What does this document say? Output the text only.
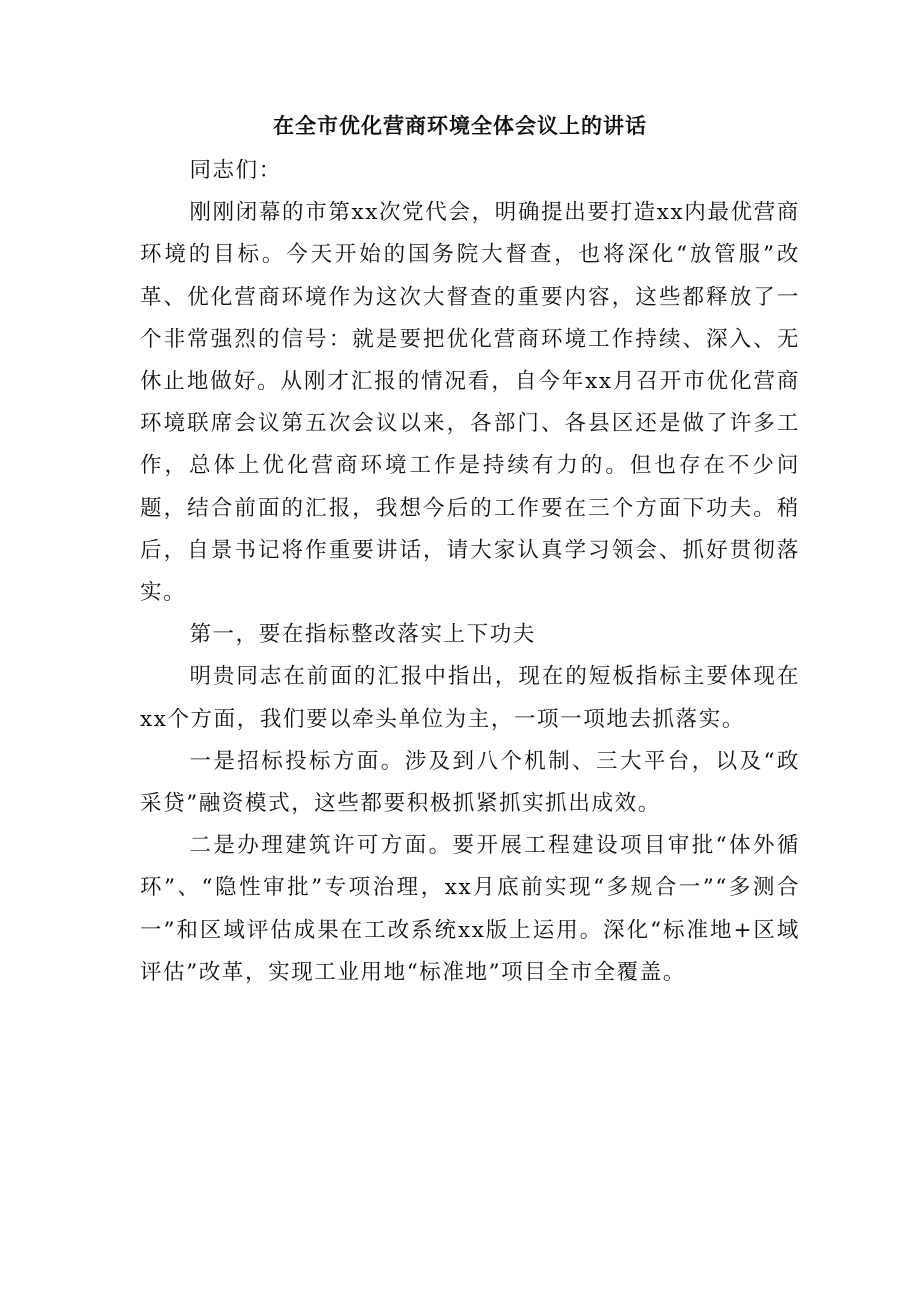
在全市优化营商环境全体会议上的讲话

同志们：

刚刚闭幕的市第xx次党代会，明确提出要打造xx内最优营商环境的目标。今天开始的国务院大督查，也将深化“放管服”改革、优化营商环境作为这次大督查的重要内容，这些都释放了一个非常强烈的信号：就是要把优化营商环境工作持续、深入、无休止地做好。从刚才汇报的情况看，自今年xx月召开市优化营商环境联席会议第五次会议以来，各部门、各县区还是做了许多工作，总体上优化营商环境工作是持续有力的。但也存在不少问题，结合前面的汇报，我想今后的工作要在三个方面下功夫。稍后，自景书记将作重要讲话，请大家认真学习领会、抓好贯彻落实。

第一，要在指标整改落实上下功夫

明贵同志在前面的汇报中指出，现在的短板指标主要体现在xx个方面，我们要以牵头单位为主，一项一项地去抓落实。

一是招标投标方面。涉及到八个机制、三大平台，以及“政采贷”融资模式，这些都要积极抓紧抓实抓出成效。

二是办理建筑许可方面。要开展工程建设项目审批“体外循环”、“隐性审批”专项治理，xx月底前实现“多规合一”“多测合一”和区域评估成果在工改系统xx版上运用。深化“标准地+区域评估”改革，实现工业用地“标准地”项目全市全覆盖。
